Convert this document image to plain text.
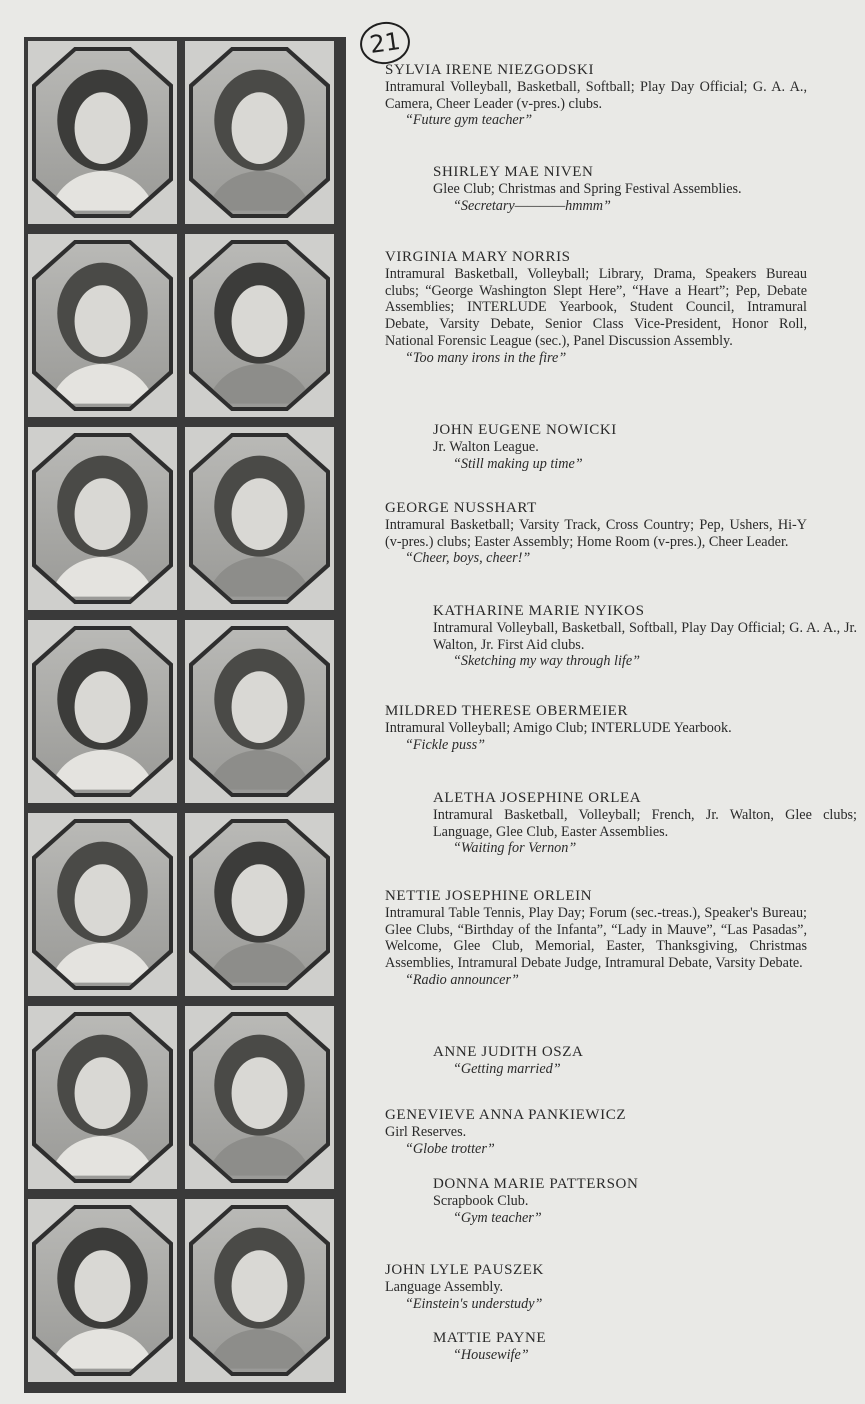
21
SYLVIA IRENE NIEZGODSKI
Intramural Volleyball, Basketball, Softball; Play Day Official; G. A. A., Camera, Cheer Leader (v-pres.) clubs.
“Future gym teacher”
SHIRLEY MAE NIVEN
Glee Club; Christmas and Spring Festival Assemblies.
“Secretary————hmmm”
VIRGINIA MARY NORRIS
Intramural Basketball, Volleyball; Library, Drama, Speakers Bureau clubs; “George Washington Slept Here”, “Have a Heart”; Pep, Debate Assemblies; INTERLUDE Yearbook, Student Council, Intramural Debate, Varsity Debate, Senior Class Vice-President, Honor Roll, National Forensic League (sec.), Panel Discussion Assembly.
“Too many irons in the fire”
JOHN EUGENE NOWICKI
Jr. Walton League.
“Still making up time”
GEORGE NUSSHART
Intramural Basketball; Varsity Track, Cross Country; Pep, Ushers, Hi-Y (v-pres.) clubs; Easter Assembly; Home Room (v-pres.), Cheer Leader.
“Cheer, boys, cheer!”
KATHARINE MARIE NYIKOS
Intramural Volleyball, Basketball, Softball, Play Day Official; G. A. A., Jr. Walton, Jr. First Aid clubs.
“Sketching my way through life”
MILDRED THERESE OBERMEIER
Intramural Volleyball; Amigo Club; INTERLUDE Yearbook.
“Fickle puss”
ALETHA JOSEPHINE ORLEA
Intramural Basketball, Volleyball; French, Jr. Walton, Glee clubs; Language, Glee Club, Easter Assemblies.
“Waiting for Vernon”
NETTIE JOSEPHINE ORLEIN
Intramural Table Tennis, Play Day; Forum (sec.-treas.), Speaker's Bureau; Glee Clubs, “Birthday of the Infanta”, “Lady in Mauve”, “Las Pasadas”, Welcome, Glee Club, Memorial, Easter, Thanksgiving, Christmas Assemblies, Intramural Debate Judge, Intramural Debate, Varsity Debate.
“Radio announcer”
ANNE JUDITH OSZA
“Getting married”
GENEVIEVE ANNA PANKIEWICZ
Girl Reserves.
“Globe trotter”
DONNA MARIE PATTERSON
Scrapbook Club.
“Gym teacher”
JOHN LYLE PAUSZEK
Language Assembly.
“Einstein's understudy”
MATTIE PAYNE
“Housewife”
